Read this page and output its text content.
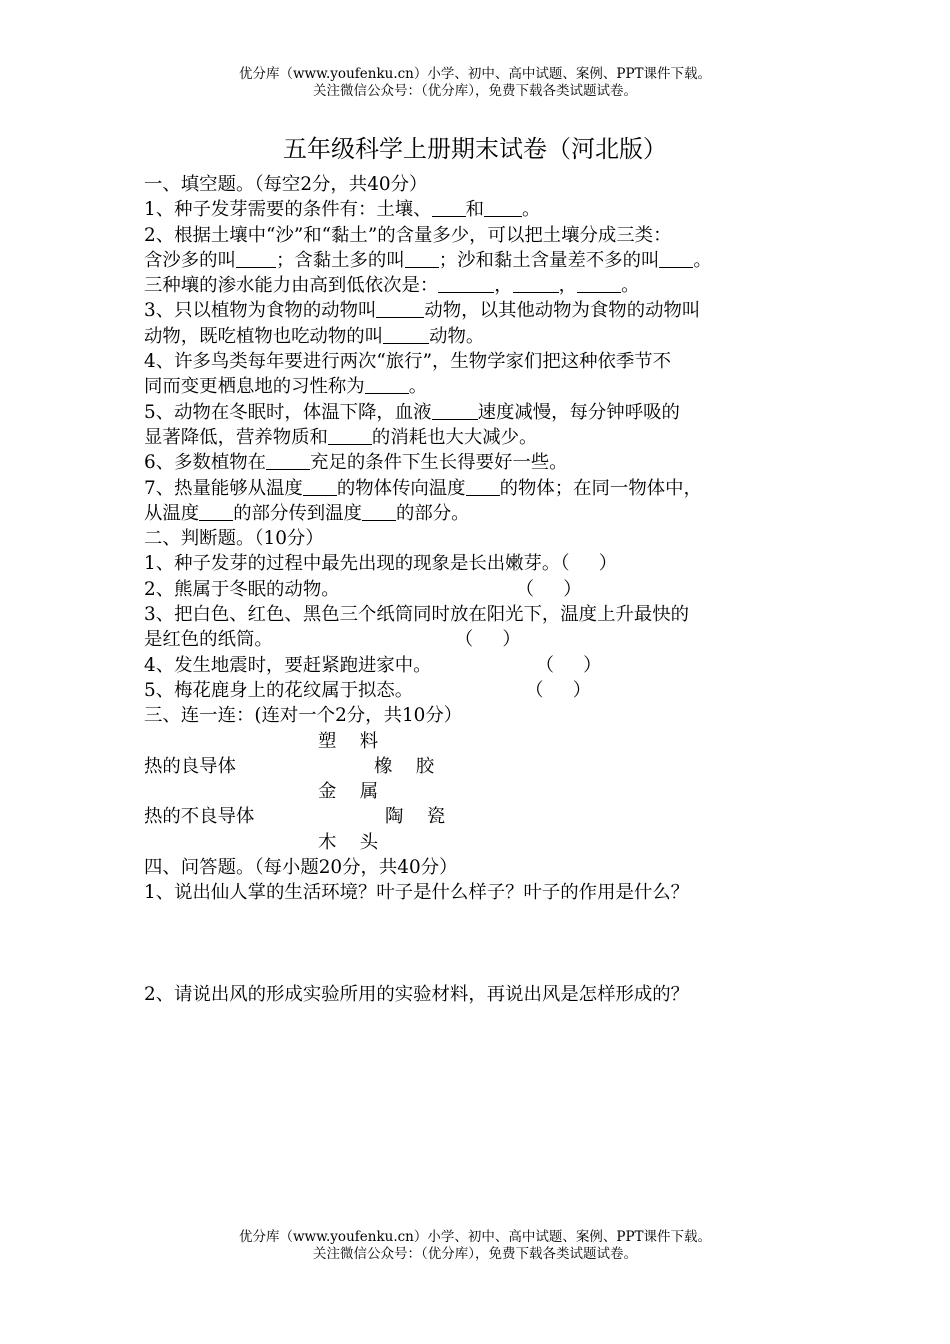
优分库（www.youfenku.cn）小学、初中、高中试题、案例、PPT课件下载。
关注微信公众号：（优分库），免费下载各类试题试卷。
五年级科学上册期末试卷（河北版）
一、填空题。（每空2分，共40分）
1、种子发芽需要的条件有：土壤、 和 。
2、根据土壤中“沙”和“黏土”的含量多少，可以把土壤分成三类：
含沙多的叫 ；含黏土多的叫 ；沙和黏土含量差不多的叫 。
三种壤的渗水能力由高到低依次是：	，	， 。
3、只以植物为食物的动物叫	动物，以其他动物为食物的动物叫
动物，既吃植物也吃动物的叫	动物。
4、许多鸟类每年要进行两次“旅行”，生物学家们把这种依季节不
同而变更栖息地的习性称为 。
5、动物在冬眠时，体温下降，血液	速度减慢，每分钟呼吸的
显著降低，营养物质和 的消耗也大大减少。
6、多数植物在 充足的条件下生长得要好一些。
7、热量能够从温度 的物体传向温度 的物体；在同一物体中，
从温度 的部分传到温度 的部分。
二、判断题。（10分）
1、种子发芽的过程中最先出现的现象是长出嫩芽。（     ）
2、熊属于冬眠的动物。	（     ）
3、把白色、红色、黑色三个纸筒同时放在阳光下，温度上升最快的
是红色的纸筒。	（     ）
4、发生地震时，要赶紧跑进家中。	（     ）
5、梅花鹿身上的花纹属于拟态。	（     ）
三、连一连：(连对一个2分，共10分）
塑    料
热的良导体	橡    胶
金    属
热的不良导体	陶    瓷
木    头
四、问答题。（每小题20分，共40分）
1、说出仙人掌的生活环境？叶子是什么样子？叶子的作用是什么？
2、请说出风的形成实验所用的实验材料，再说出风是怎样形成的？
优分库（www.youfenku.cn）小学、初中、高中试题、案例、PPT课件下载。
关注微信公众号：（优分库），免费下载各类试题试卷。
